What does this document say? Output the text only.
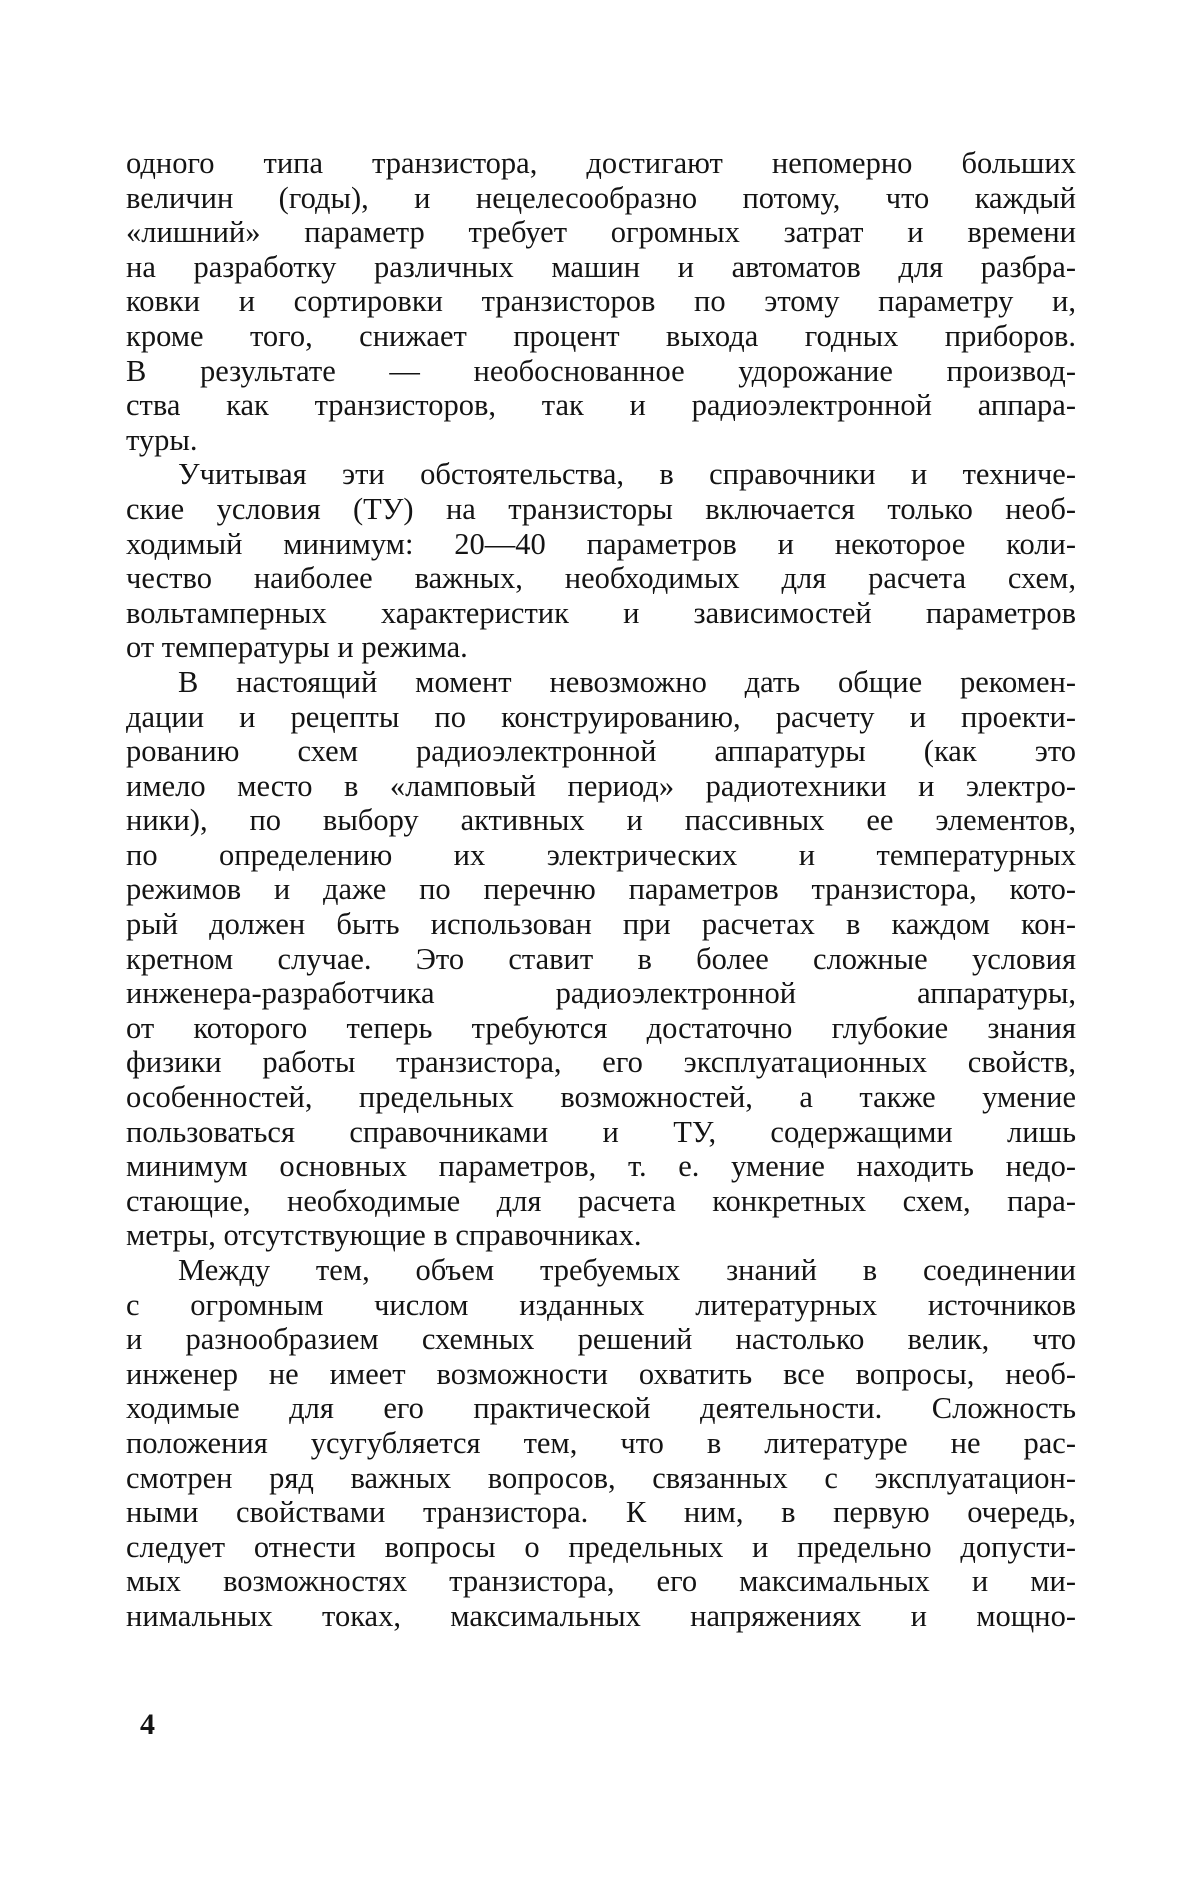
одного типа транзистора, достигают непомерно больших
величин (годы), и нецелесообразно потому, что каждый
«лишний» параметр требует огромных затрат и времени
на разработку различных машин и автоматов для разбра-
ковки и сортировки транзисторов по этому параметру и,
кроме того, снижает процент выхода годных приборов.
В результате — необоснованное удорожание производ-
ства как транзисторов, так и радиоэлектронной аппара-
туры.
Учитывая эти обстоятельства, в справочники и техниче-
ские условия (ТУ) на транзисторы включается только необ-
ходимый минимум: 20—40 параметров и некоторое коли-
чество наиболее важных, необходимых для расчета схем,
вольтамперных характеристик и зависимостей параметров
от температуры и режима.
В настоящий момент невозможно дать общие рекомен-
дации и рецепты по конструированию, расчету и проекти-
рованию схем радиоэлектронной аппаратуры (как это
имело место в «ламповый период» радиотехники и электро-
ники), по выбору активных и пассивных ее элементов,
по определению их электрических и температурных
режимов и даже по перечню параметров транзистора, кото-
рый должен быть использован при расчетах в каждом кон-
кретном случае. Это ставит в более сложные условия
инженера-разработчика радиоэлектронной аппаратуры,
от которого теперь требуются достаточно глубокие знания
физики работы транзистора, его эксплуатационных свойств,
особенностей, предельных возможностей, а также умение
пользоваться справочниками и ТУ, содержащими лишь
минимум основных параметров, т. е. умение находить недо-
стающие, необходимые для расчета конкретных схем, пара-
метры, отсутствующие в справочниках.
Между тем, объем требуемых знаний в соединении
с огромным числом изданных литературных источников
и разнообразием схемных решений настолько велик, что
инженер не имеет возможности охватить все вопросы, необ-
ходимые для его практической деятельности. Сложность
положения усугубляется тем, что в литературе не рас-
смотрен ряд важных вопросов, связанных с эксплуатацион-
ными свойствами транзистора. К ним, в первую очередь,
следует отнести вопросы о предельных и предельно допусти-
мых возможностях транзистора, его максимальных и ми-
нимальных токах, максимальных напряжениях и мощно-
4
